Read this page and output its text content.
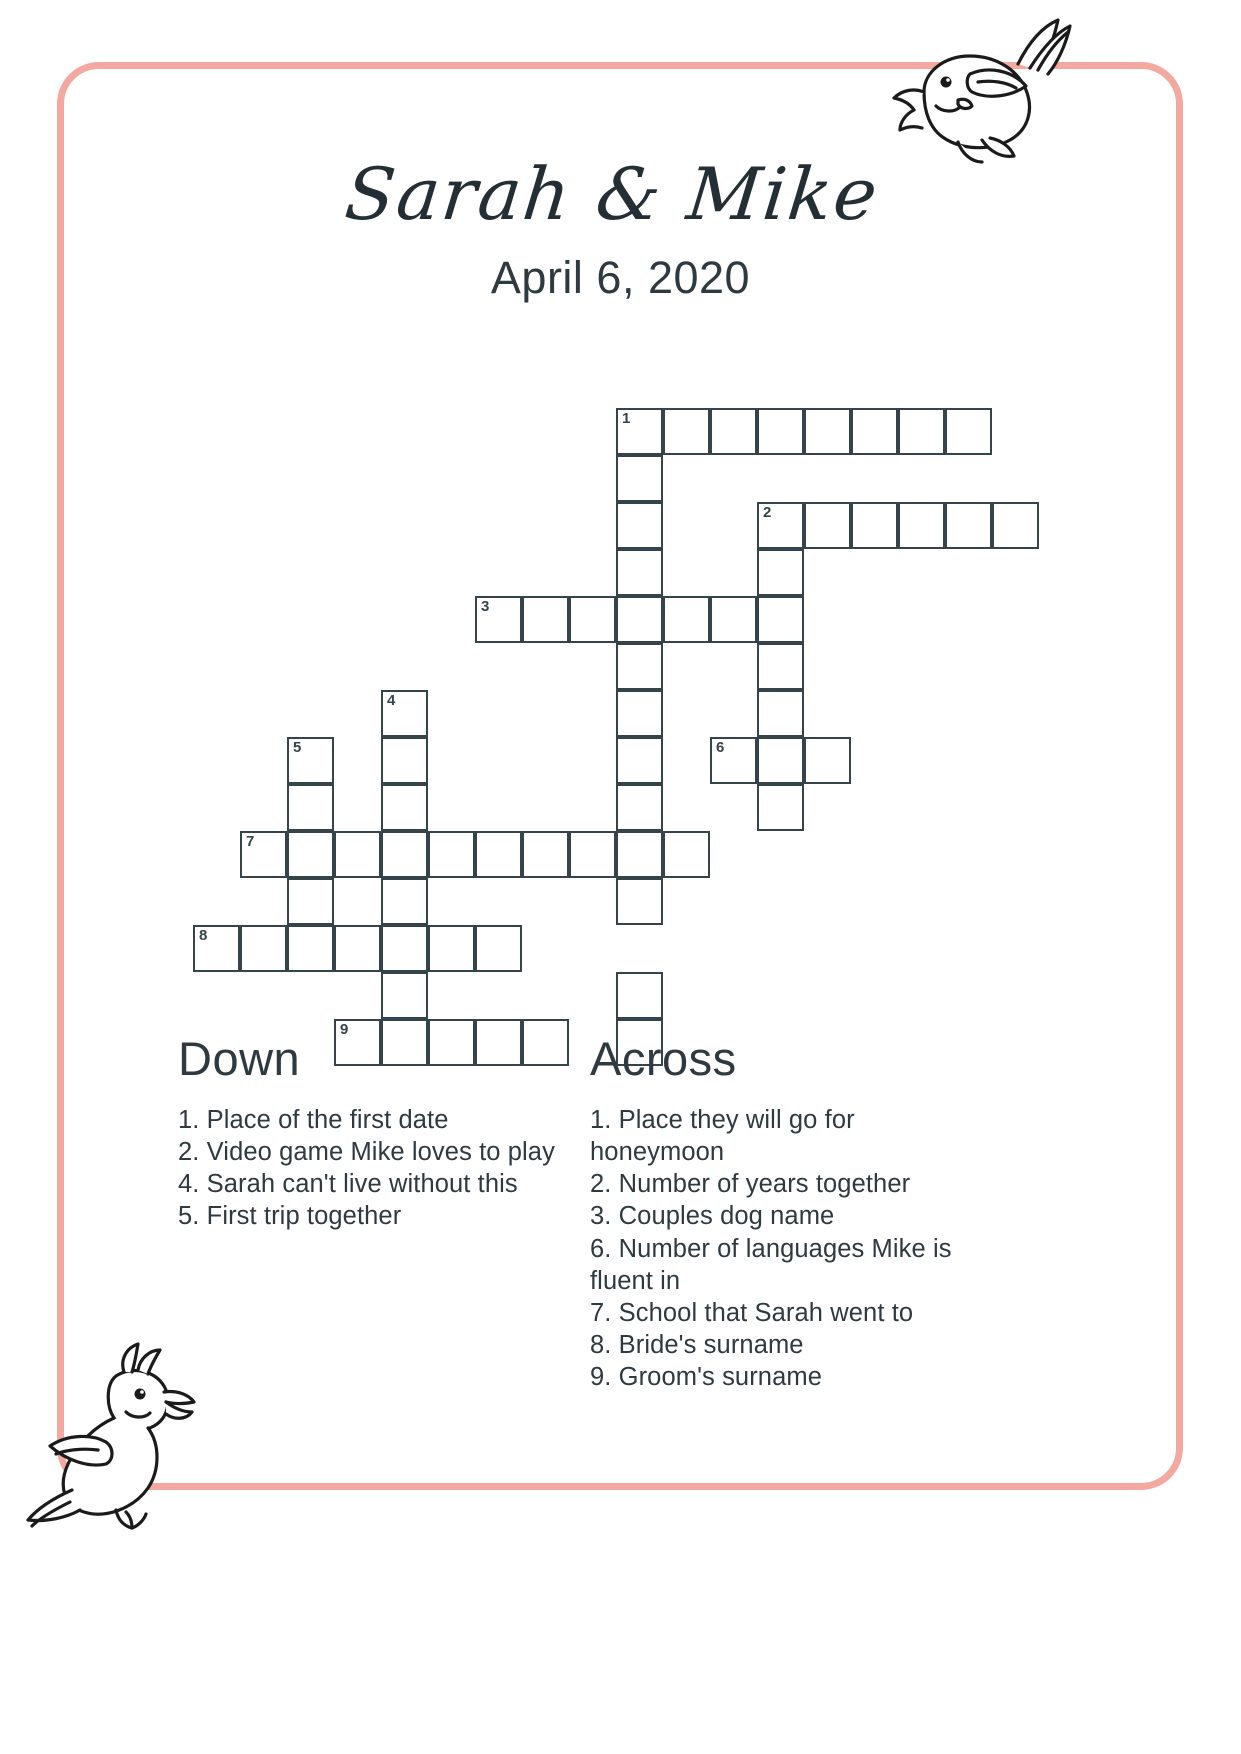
Sarah & Mike
April 6, 2020
1
2
3
4
5	6
7
8
9
Down
1. Place of the first date
2. Video game Mike loves to play
4. Sarah can't live without this
5. First trip together
Across
1. Place they will go for honeymoon
2. Number of years together
3. Couples dog name
6. Number of languages Mike is fluent in
7. School that Sarah went to
8. Bride's surname
9. Groom's surname
